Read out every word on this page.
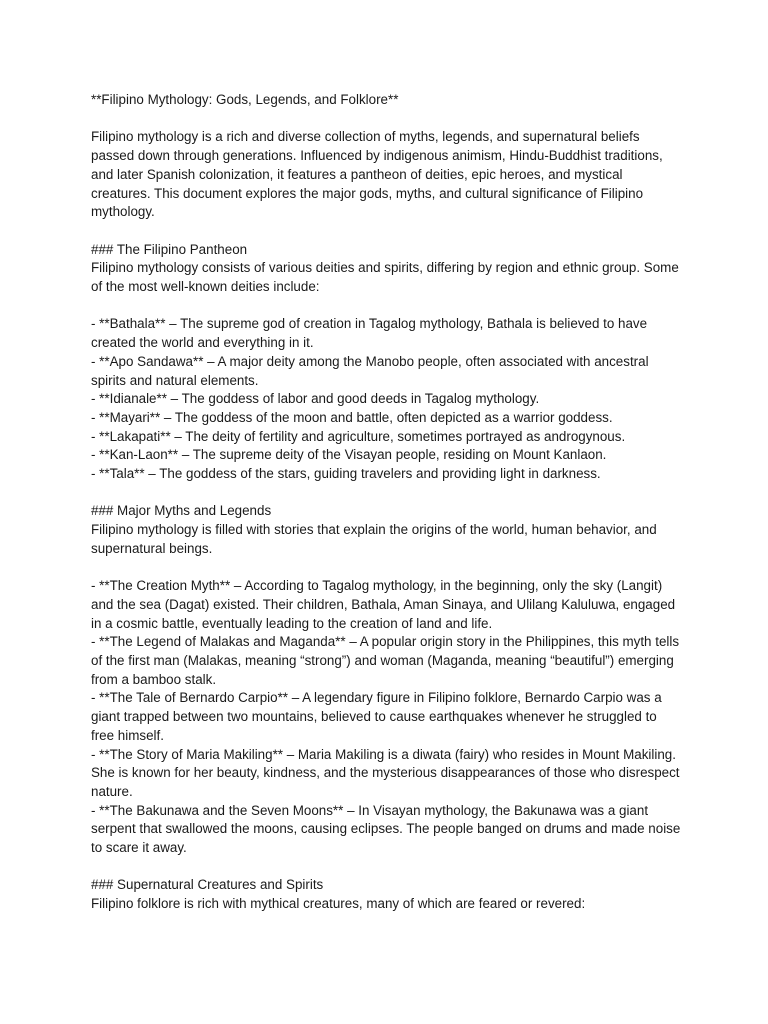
**Filipino Mythology: Gods, Legends, and Folklore**

Filipino mythology is a rich and diverse collection of myths, legends, and supernatural beliefs passed down through generations. Influenced by indigenous animism, Hindu-Buddhist traditions, and later Spanish colonization, it features a pantheon of deities, epic heroes, and mystical creatures. This document explores the major gods, myths, and cultural significance of Filipino mythology.

### The Filipino Pantheon

Filipino mythology consists of various deities and spirits, differing by region and ethnic group. Some of the most well-known deities include:

- **Bathala** – The supreme god of creation in Tagalog mythology, Bathala is believed to have created the world and everything in it.

- **Apo Sandawa** – A major deity among the Manobo people, often associated with ancestral spirits and natural elements.

- **Idianale** – The goddess of labor and good deeds in Tagalog mythology.

- **Mayari** – The goddess of the moon and battle, often depicted as a warrior goddess.

- **Lakapati** – The deity of fertility and agriculture, sometimes portrayed as androgynous.

- **Kan-Laon** – The supreme deity of the Visayan people, residing on Mount Kanlaon.

- **Tala** – The goddess of the stars, guiding travelers and providing light in darkness.

### Major Myths and Legends

Filipino mythology is filled with stories that explain the origins of the world, human behavior, and supernatural beings.

- **The Creation Myth** – According to Tagalog mythology, in the beginning, only the sky (Langit) and the sea (Dagat) existed. Their children, Bathala, Aman Sinaya, and Ulilang Kaluluwa, engaged in a cosmic battle, eventually leading to the creation of land and life.

- **The Legend of Malakas and Maganda** – A popular origin story in the Philippines, this myth tells of the first man (Malakas, meaning “strong”) and woman (Maganda, meaning “beautiful”) emerging from a bamboo stalk.

- **The Tale of Bernardo Carpio** – A legendary figure in Filipino folklore, Bernardo Carpio was a giant trapped between two mountains, believed to cause earthquakes whenever he struggled to free himself.

- **The Story of Maria Makiling** – Maria Makiling is a diwata (fairy) who resides in Mount Makiling. She is known for her beauty, kindness, and the mysterious disappearances of those who disrespect nature.

- **The Bakunawa and the Seven Moons** – In Visayan mythology, the Bakunawa was a giant serpent that swallowed the moons, causing eclipses. The people banged on drums and made noise to scare it away.

### Supernatural Creatures and Spirits

Filipino folklore is rich with mythical creatures, many of which are feared or revered:
